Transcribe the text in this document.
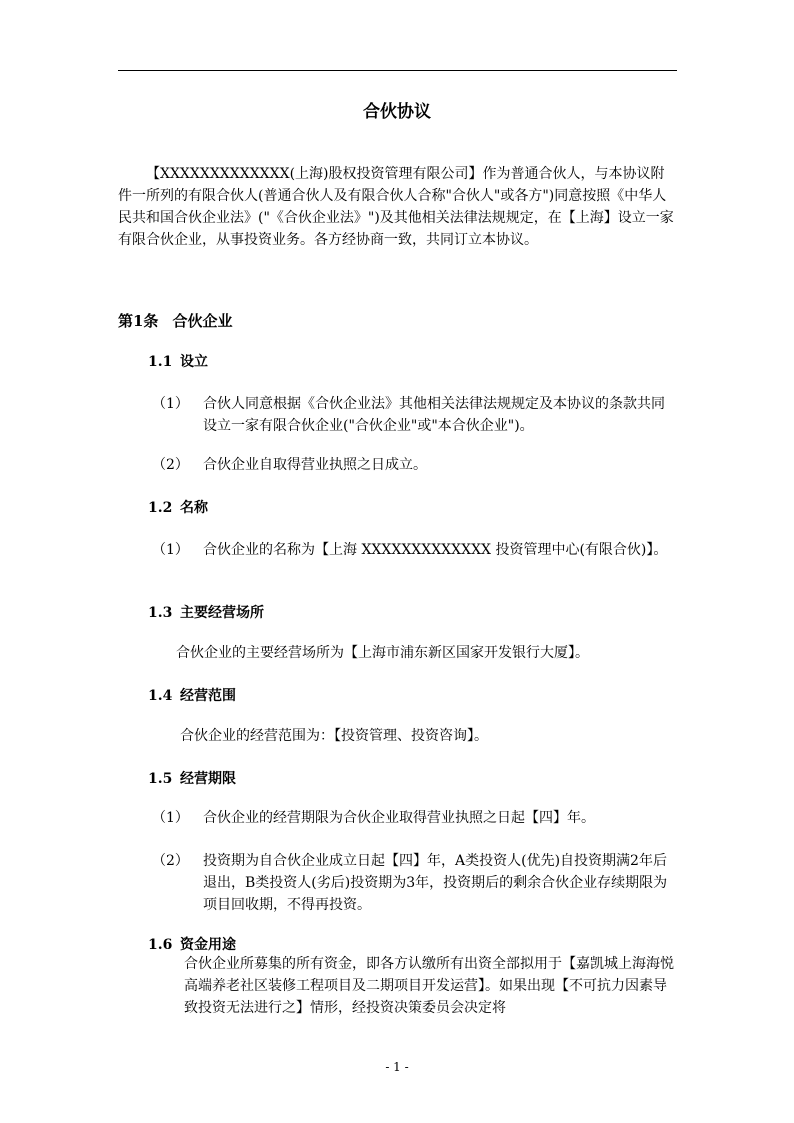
合伙协议
【XXXXXXXXXXXXX(上海)股权投资管理有限公司】作为普通合伙人，与本协议附件一所列的有限合伙人(普通合伙人及有限合伙人合称"合伙人"或各方")同意按照《中华人民共和国合伙企业法》("《合伙企业法》")及其他相关法律法规规定，在【上海】设立一家有限合伙企业，从事投资业务。各方经协商一致，共同订立本协议。
第1条 合伙企业
1.1 设立
（1） 合伙人同意根据《合伙企业法》其他相关法律法规规定及本协议的条款共同设立一家有限合伙企业("合伙企业"或"本合伙企业")。
（2） 合伙企业自取得营业执照之日成立。
1.2 名称
（1） 合伙企业的名称为【上海 XXXXXXXXXXXXX 投资管理中心(有限合伙)】。
1.3 主要经营场所
合伙企业的主要经营场所为【上海市浦东新区国家开发银行大厦】。
1.4 经营范围
合伙企业的经营范围为：【投资管理、投资咨询】。
1.5 经营期限
（1） 合伙企业的经营期限为合伙企业取得营业执照之日起【四】年。
（2） 投资期为自合伙企业成立日起【四】年，A类投资人(优先)自投资期满2年后退出，B类投资人(劣后)投资期为3年，投资期后的剩余合伙企业存续期限为项目回收期，不得再投资。
1.6 资金用途
合伙企业所募集的所有资金，即各方认缴所有出资全部拟用于【嘉凯城上海海悦高端养老社区装修工程项目及二期项目开发运营】。如果出现【不可抗力因素导致投资无法进行之】情形，经投资决策委员会决定将
- 1 -
